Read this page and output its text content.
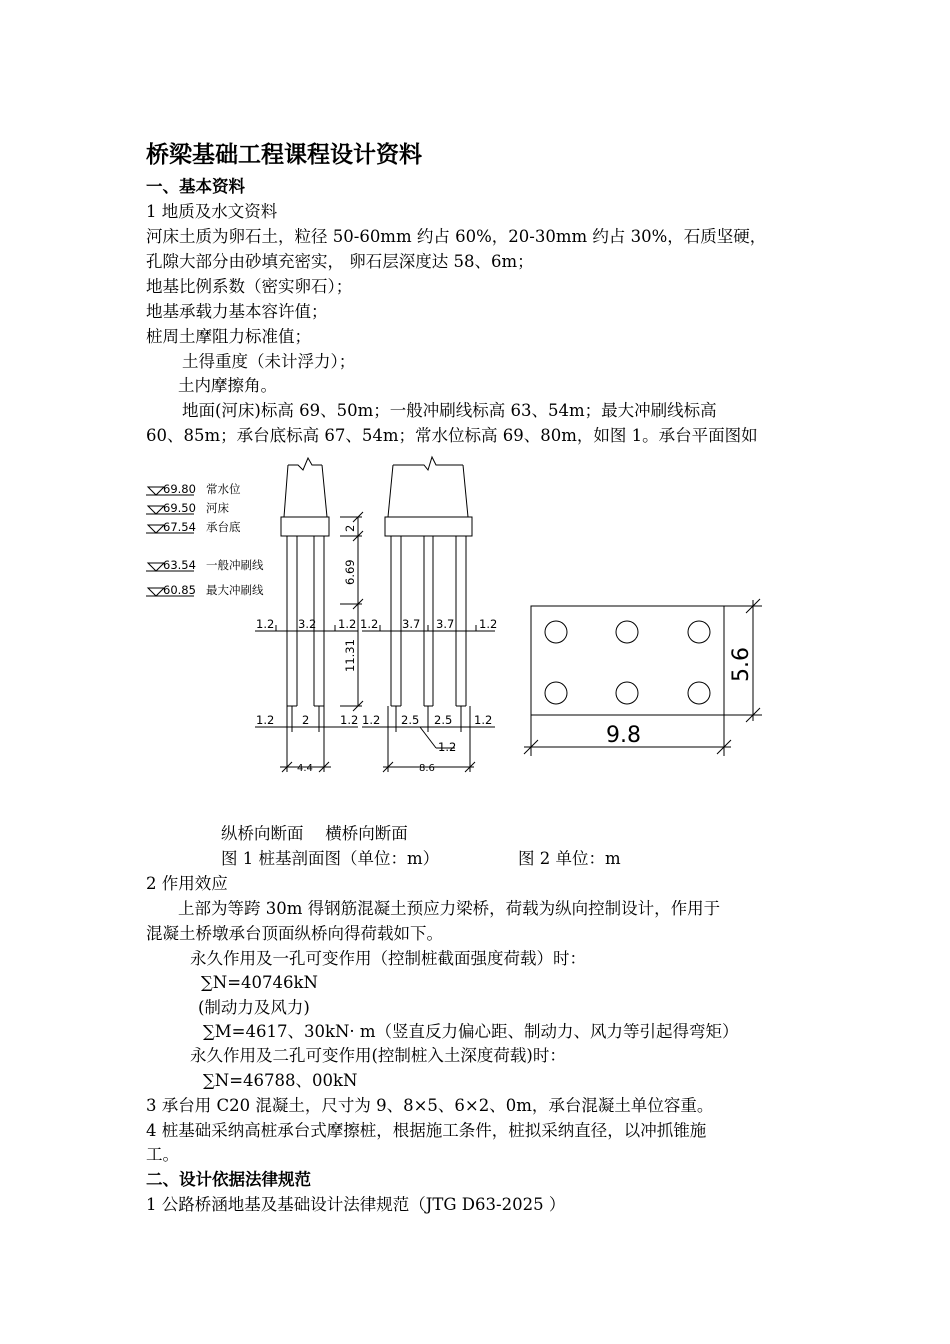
桥梁基础工程课程设计资料
一、基本资料
1 地质及水文资料
河床土质为卵石土，粒径 50-60mm 约占 60%，20-30mm 约占 30%，石质坚硬，
孔隙大部分由砂填充密实， 卵石层深度达 58、6m；
地基比例系数（密实卵石）；
地基承载力基本容许值；
桩周土摩阻力标准值；
土得重度（未计浮力）；
土内摩擦角。
地面(河床)标高 69、50m；一般冲刷线标高 63、54m；最大冲刷线标高
60、85m；承台底标高 67、54m；常水位标高 69、80m，如图 1。承台平面图如
69.80 常水位
69.50 河床
67.54 承台底
63.54 一般冲刷线
60.85 最大冲刷线
2
6.69
11.31
1.2 3.2 1.2
1.2 2	1.2
4.4
1.2 3.7 3.7 1.2
1.2 2.5 2.5 1.2
1.2
8.6
9.8
5.6
纵桥向断面　 横桥向断面
图 1 桩基剖面图（单位：m）	图 2 单位：m
2 作用效应
上部为等跨 30m 得钢筋混凝土预应力梁桥，荷载为纵向控制设计，作用于
混凝土桥墩承台顶面纵桥向得荷载如下。
永久作用及一孔可变作用（控制桩截面强度荷载）时：
∑N=40746kN
(制动力及风力)
∑M=4617、30kN· m（竖直反力偏心距、制动力、风力等引起得弯矩）
永久作用及二孔可变作用(控制桩入土深度荷载)时：
∑N=46788、00kN
3 承台用 C20 混凝土，尺寸为 9、8×5、6×2、0m，承台混凝土单位容重。
4 桩基础采纳高桩承台式摩擦桩，根据施工条件，桩拟采纳直径，以冲抓锥施
工。
二、设计依据法律规范
1 公路桥涵地基及基础设计法律规范（JTG D63-2025 ）
